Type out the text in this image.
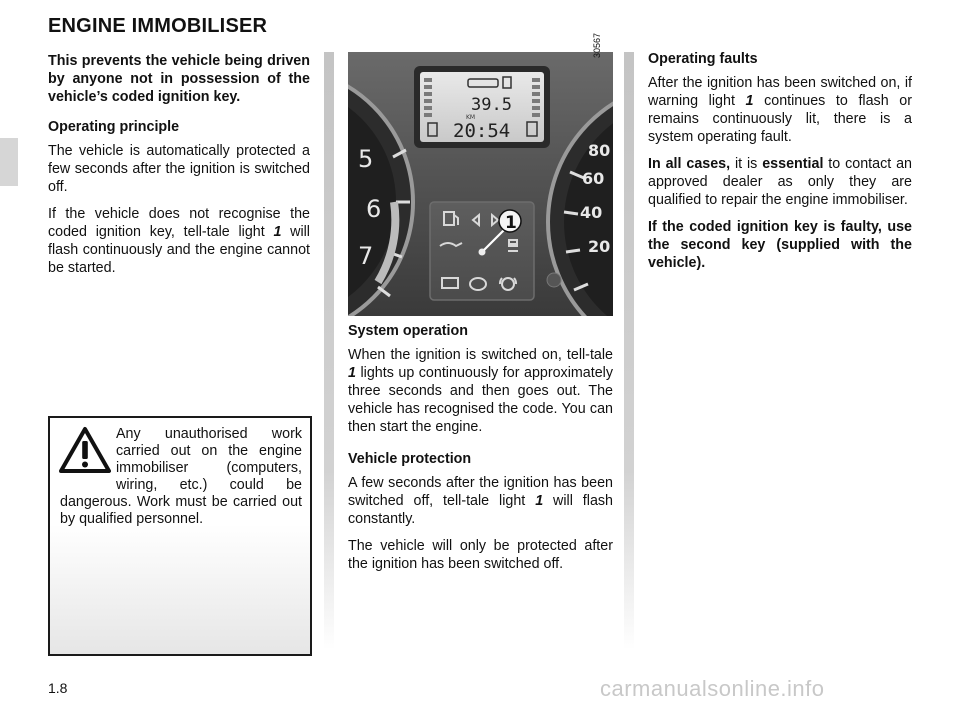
ENGINE IMMOBILISER

This prevents the vehicle being driven by anyone not in possession of the vehicle’s coded ignition key.

Operating principle

The vehicle is automatically protected a few seconds after the ignition is switched off.

If the vehicle does not recognise the coded ignition key, tell-tale light 1 will flash continuously and the engine cannot be started.

Any unauthorised work carried out on the engine immobiliser (computers, wiring, etc.) could be dangerous. Work must be carried out by qualified personnel.
5
6
7
80
60
40
20
39.5
KM
20:54
1
30567

System operation

When the ignition is switched on, tell-tale 1 lights up continuously for approximately three seconds and then goes out. The vehicle has recognised the code. You can then start the engine.

Vehicle protection

A few seconds after the ignition has been switched off, tell-tale light 1 will flash constantly.

The vehicle will only be protected after the ignition has been switched off.

Operating faults

After the ignition has been switched on, if warning light 1 continues to flash or remains continuously lit, there is a system operating fault.

In all cases, it is essential to contact an approved dealer as only they are qualified to repair the engine immobiliser.

If the coded ignition key is faulty, use the second key (supplied with the vehicle).

1.8	carmanualsonline.info
